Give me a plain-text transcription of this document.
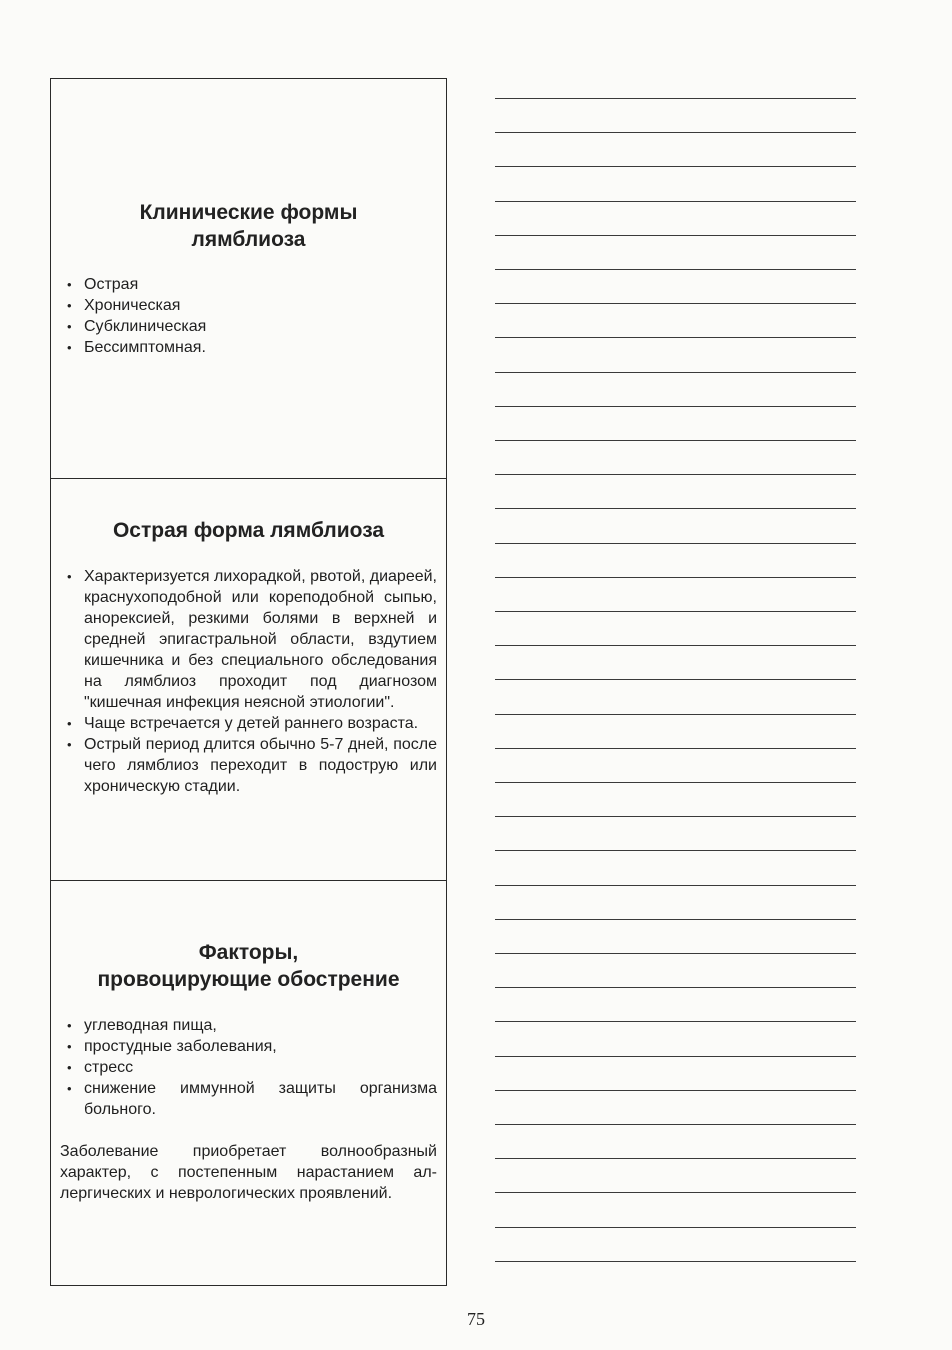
Клинические формы
лямблиоза
• Острая
• Хроническая
• Субклиническая
• Бессимптомная.
Острая форма лямблиоза
• Характеризуется лихорадкой, рвотой, диареей, краснухоподобной или кореподобной сыпью, анорексией, резкими болями в верхней и средней эпигастральной области, вздутием кишечника и без специального обследования на лямблиоз проходит под диагнозом "кишечная инфекция неясной этиологии".
• Чаще встречается у детей раннего возраста.
• Острый период длится обычно 5-7 дней, после чего лямблиоз переходит в подострую или хроническую стадии.
Факторы,
провоцирующие обострение
• углеводная пища,
• простудные заболевания,
• стресс
• снижение иммунной защиты организма больного.

Заболевание приобретает волнообразный характер, с постепенным нарастанием аллергических и неврологических проявлений.

75
